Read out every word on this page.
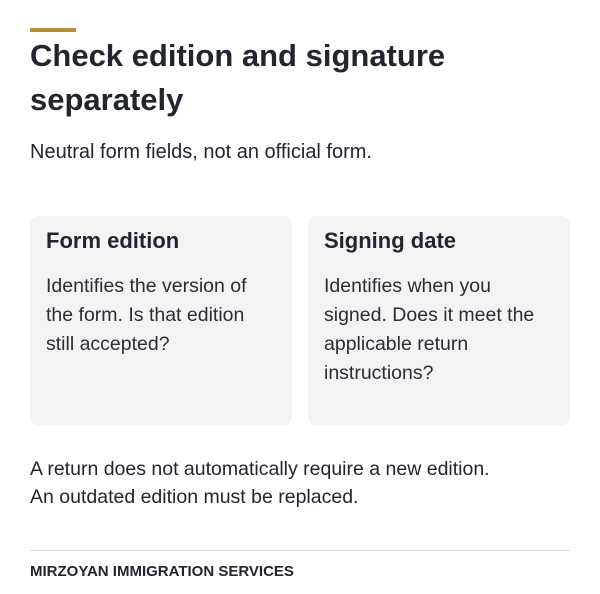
Check edition and signature separately

Neutral form fields, not an official form.

Form edition

Identifies the version of the form. Is that edition still accepted?

Signing date

Identifies when you signed. Does it meet the applicable return instructions?

A return does not automatically require a new edition.
An outdated edition must be replaced.

MIRZOYAN IMMIGRATION SERVICES
